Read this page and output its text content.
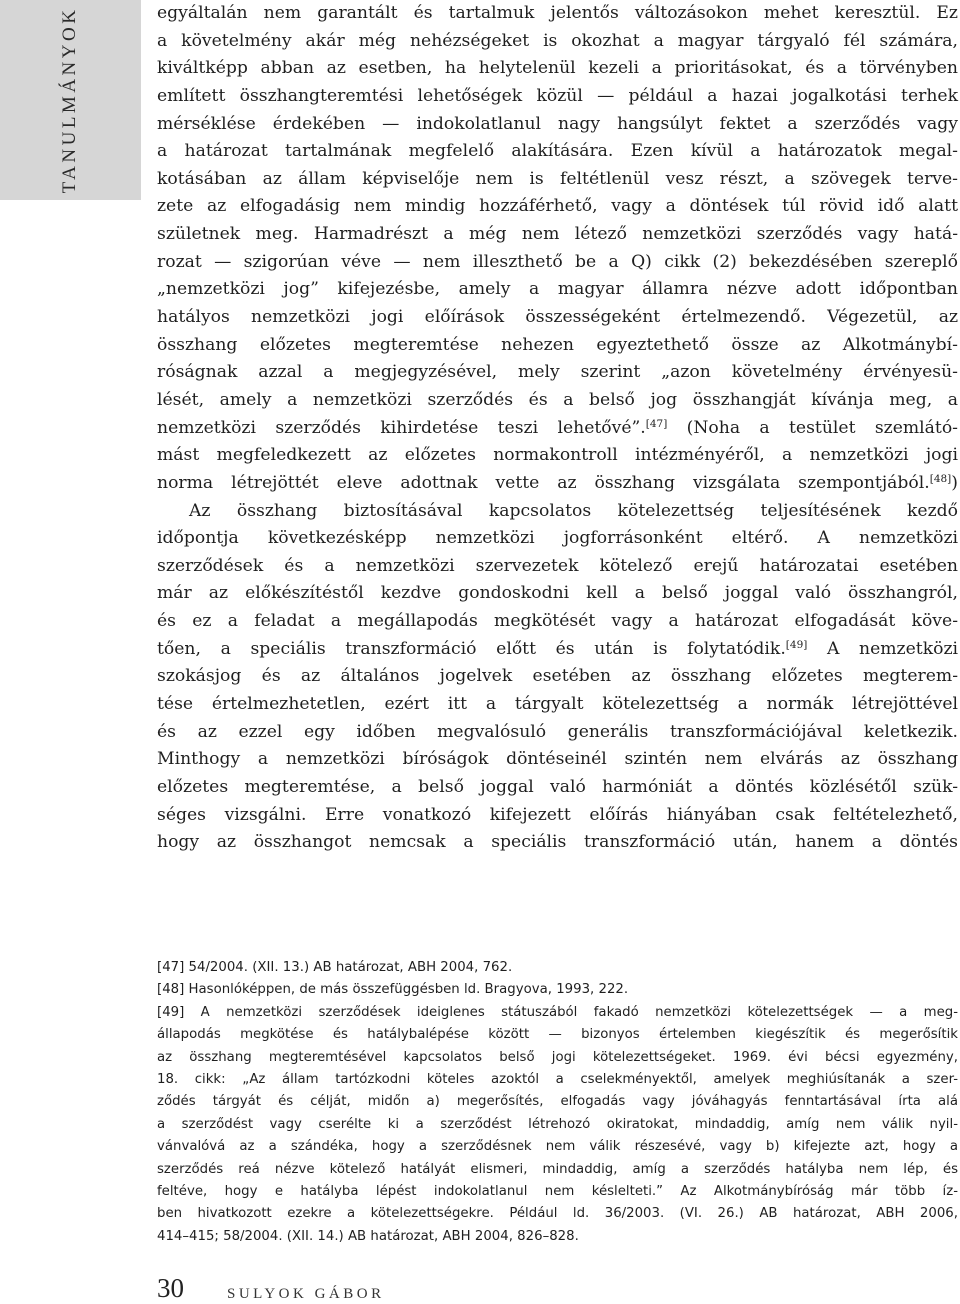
TANULMÁNYOK	egyáltalán nem garantált és tartalmuk jelentős változásokon mehet keresztül. Ez
a követelmény akár még nehézségeket is okozhat a magyar tárgyaló fél számára,
kiváltképp abban az esetben, ha helytelenül kezeli a prioritásokat, és a törvényben
említett összhangteremtési lehetőségek közül — például a hazai jogalkotási terhek
mérséklése érdekében — indokolatlanul nagy hangsúlyt fektet a szerződés vagy
a határozat tartalmának megfelelő alakítására. Ezen kívül a határozatok megal-
kotásában az állam képviselője nem is feltétlenül vesz részt, a szövegek terve-
zete az elfogadásig nem mindig hozzáférhető, vagy a döntések túl rövid idő alatt
születnek meg. Harmadrészt a még nem létező nemzetközi szerződés vagy hatá-
rozat — szigorúan véve — nem illeszthető be a Q) cikk (2) bekezdésében szereplő
„nemzetközi jog” kifejezésbe, amely a magyar államra nézve adott időpontban
hatályos nemzetközi jogi előírások összességeként értelmezendő. Végezetül, az
összhang előzetes megteremtése nehezen egyeztethető össze az Alkotmánybí-
róságnak azzal a megjegyzésével, mely szerint „azon követelmény érvényesü-
lését, amely a nemzetközi szerződés és a belső jog összhangját kívánja meg, a
nemzetközi szerződés kihirdetése teszi lehetővé”.[47] (Noha a testület szemlátó-
mást megfeledkezett az előzetes normakontroll intézményéről, a nemzetközi jogi
norma létrejöttét eleve adottnak vette az összhang vizsgálata szempontjából.[48])
Az összhang biztosításával kapcsolatos kötelezettség teljesítésének kezdő
időpontja következésképp nemzetközi jogforrásonként eltérő. A nemzetközi
szerződések és a nemzetközi szervezetek kötelező erejű határozatai esetében
már az előkészítéstől kezdve gondoskodni kell a belső joggal való összhangról,
és ez a feladat a megállapodás megkötését vagy a határozat elfogadását köve-
tően, a speciális transzformáció előtt és után is folytatódik.[49] A nemzetközi
szokásjog és az általános jogelvek esetében az összhang előzetes megterem-
tése értelmezhetetlen, ezért itt a tárgyalt kötelezettség a normák létrejöttével
és az ezzel egy időben megvalósuló generális transzformációjával keletkezik.
Minthogy a nemzetközi bíróságok döntéseinél szintén nem elvárás az összhang
előzetes megteremtése, a belső joggal való harmóniát a döntés közlésétől szük-
séges vizsgálni. Erre vonatkozó kifejezett előírás hiányában csak feltételezhető,
hogy az összhangot nemcsak a speciális transzformáció után, hanem a döntés
[47] 54/2004. (XII. 13.) AB határozat, ABH 2004, 762.
[48] Hasonlóképpen, de más összefüggésben ld. Bragyova, 1993, 222.
[49] A nemzetközi szerződések ideiglenes státuszából fakadó nemzetközi kötelezettségek — a meg-
állapodás megkötése és hatálybalépése között — bizonyos értelemben kiegészítik és megerősítik
az összhang megteremtésével kapcsolatos belső jogi kötelezettségeket. 1969. évi bécsi egyezmény,
18. cikk: „Az állam tartózkodni köteles azoktól a cselekményektől, amelyek meghiúsítanák a szer-
ződés tárgyát és célját, midőn a) megerősítés, elfogadás vagy jóváhagyás fenntartásával írta alá
a szerződést vagy cserélte ki a szerződést létrehozó okiratokat, mindaddig, amíg nem válik nyil-
vánvalóvá az a szándéka, hogy a szerződésnek nem válik részesévé, vagy b) kifejezte azt, hogy a
szerződés reá nézve kötelező hatályát elismeri, mindaddig, amíg a szerződés hatályba nem lép, és
feltéve, hogy e hatályba lépést indokolatlanul nem késlelteti.” Az Alkotmánybíróság már több íz-
ben hivatkozott ezekre a kötelezettségekre. Például ld. 36/2003. (VI. 26.) AB határozat, ABH 2006,
414–415; 58/2004. (XII. 14.) AB határozat, ABH 2004, 826–828.
30	SULYOK GÁBOR
